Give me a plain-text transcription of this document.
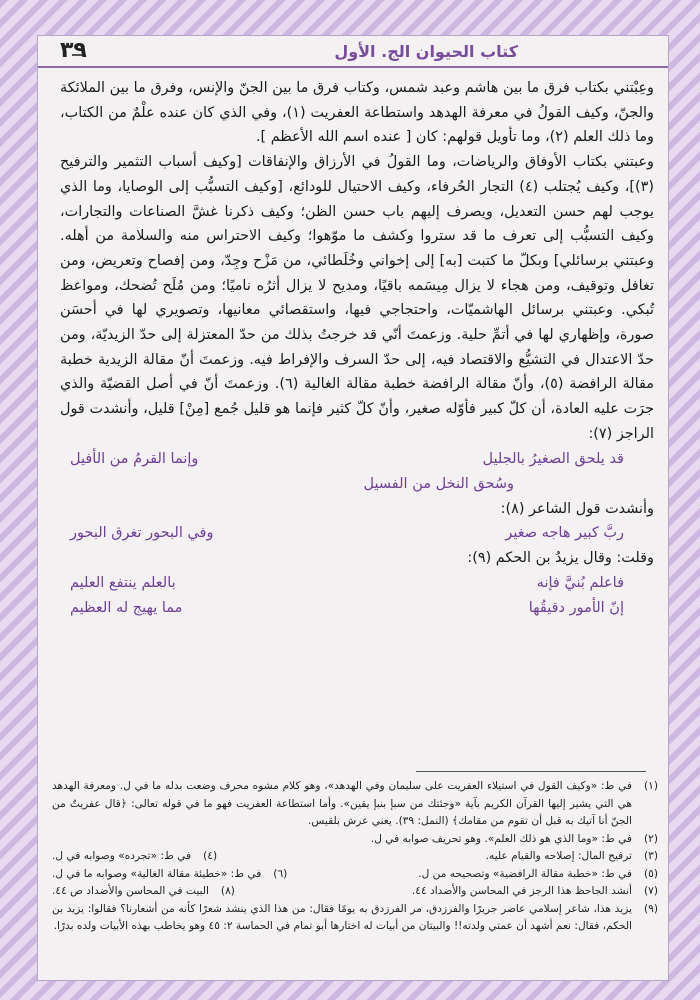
٣٩	كتاب الحيوان الج. الأول

وعِبْتني بكتاب فرق ما بين هاشم وعبد شمس، وكتاب فرق ما بين الجنّ والإنس، وفرق ما بين الملائكة والجنّ، وكيف القولُ في معرفة الهدهد واستطاعة العفريت (١)، وفي الذي كان عنده علْمٌ من الكتاب، وما ذلك العلم (٢)، وما تأويل قولهم: كان [ عنده اسم الله الأعظم ].

وعبتني بكتاب الأوفاق والرياضات، وما القولُ في الأرزاق والإنفاقات [وكيف أسباب التثمير والترفيح (٣)]، وكيف يُجتلب (٤) التجار الحُرفاء، وكيف الاحتيال للودائع، [وكيف التسبُّب إلى الوصايا، وما الذي يوجب لهم حسن التعديل، ويصرف إليهم باب حسن الظن؛ وكيف ذكرنا غشَّ الصناعات والتجارات، وكيف التسبُّب إلى تعرف ما قد ستروا وكشف ما موّهوا؛ وكيف الاحتراس منه والسلامة من أهله. وعبتني برسائلي] وبكلّ ما كتبت [به] إلى إخواني وخُلَطائي، من مَزْح وجِدّ، ومن إفصاح وتعريض، ومن تغافل وتوقيف، ومن هجاء لا يزال مِيسَمه باقيًا، ومديح لا يزال أثرُه ناميًا؛ ومن مُلَح تُضحك، ومواعظ تُبكي. وعبتني برسائل الهاشميّات، واحتجاجي فيها، واستقصائي معانيها، وتصويري لها في أحسَن صورة، وإظهاري لها في أتمِّ حلية. وزعمتَ أنّي قد خرجتُ بذلك من حدّ المعتزلة إلى حدّ الزيديّة، ومن حدّ الاعتدال في التشيُّع والاقتصاد فيه، إلى حدّ السرف والإفراط فيه. وزعمتَ أنّ مقالة الزيدية خطبة مقالة الرافضة (٥)، وأنّ مقالة الرافضة خطبة مقالة الغالية (٦). وزعمتَ أنّ في أصل القضيّة والذي جرَت عليه العادة، أن كلّ كبير فأوّله صغير، وأنّ كلّ كثير فإنما هو قليل جُمع [مِنْ] قليل، وأنشدت قول الراجز (٧):

قد يلحق الصغيرُ بالجليل
وإنما القرمُ من الأفيل
وسُحق النخل من الفسيل

وأنشدت قول الشاعر (٨):

ربَّ كبير هاجه صغير
وفي البحور تغرق البحور

وقلت: وقال يزيدُ بن الحكم (٩):

فاعلم بُنيَّ فإنه
بالعلم ينتفع العليم
إنّ الأمور دقيقُها
مما يهيج له العظيم
(١)
في ط: «وكيف القول في استيلاء العفريت على سليمان وفي الهدهد»، وهو كلام مشوه محرف وضعت بدله ما في ل. ومعرفة الهدهد هي التي يشير إليها القرآن الكريم بآية «وجئتك من سبإ بنبإ يقين». وأما استطاعة العفريت فهو ما في قوله تعالى: ﴿قال عفريتٌ من الجنّ أنا آتيك به قبل أن تقوم من مقامك﴾ (النمل: ٣٩). يعني عرش بلقيس.
(٢)
في ط: «وما الذي هو ذلك العلم». وهو تحريف صوابه في ل.
(٣)
ترفيح المال: إصلاحه والقيام عليه.
(٤)
في ط: «تجرده» وصوابه في ل.
(٥)
في ط: «خطبة مقالة الرافضية» وتصحيحه من ل.
(٦)
في ط: «خطيئة مقالة الغالية» وصوابه ما في ل.
(٧)
أنشد الجاحظ هذا الرجز في المحاسن والأضداد ٤٤.
(٨)
البيت في المحاسن والأضداد ص ٤٤.
(٩)
يزيد هذا، شاعر إسلامي عاصر جريرًا والفرزدق، مر الفرزدق به يومًا فقال: من هذا الذي ينشد شعرًا كأنه من أشعارنا؟ فقالوا: يزيد بن الحكم، فقال: نعم أشهد أن عمتي ولدته!! والبيتان من أبيات له اختارها أبو تمام في الحماسة ٢: ٤٥ وهو يخاطب بهذه الأبيات ولده بدرًا.
